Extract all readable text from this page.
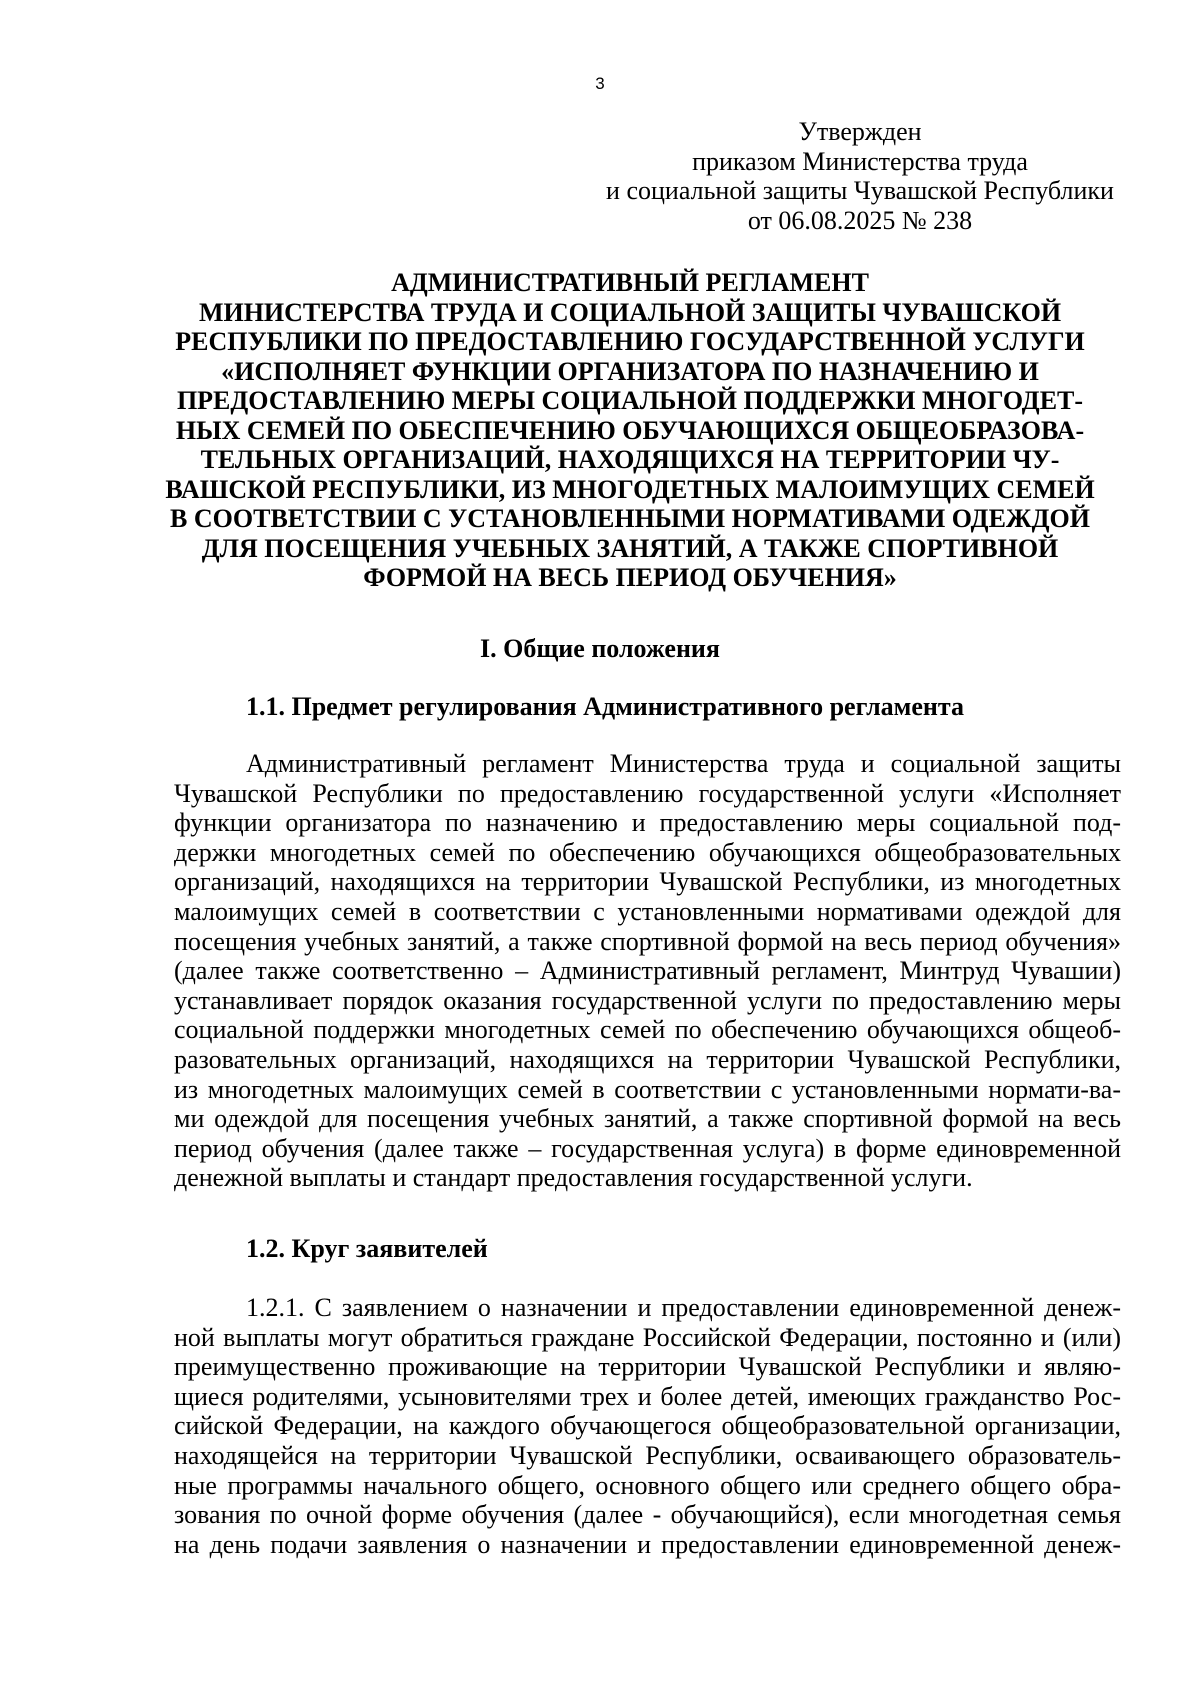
3
Утвержден
приказом Министерства труда
и социальной защиты Чувашской Республики
от 06.08.2025 № 238
АДМИНИСТРАТИВНЫЙ РЕГЛАМЕНТ
МИНИСТЕРСТВА ТРУДА И СОЦИАЛЬНОЙ ЗАЩИТЫ ЧУВАШСКОЙ
РЕСПУБЛИКИ ПО ПРЕДОСТАВЛЕНИЮ ГОСУДАРСТВЕННОЙ УСЛУГИ
«ИСПОЛНЯЕТ ФУНКЦИИ ОРГАНИЗАТОРА ПО НАЗНАЧЕНИЮ И
ПРЕДОСТАВЛЕНИЮ МЕРЫ СОЦИАЛЬНОЙ ПОДДЕРЖКИ МНОГОДЕТ-
НЫХ СЕМЕЙ ПО ОБЕСПЕЧЕНИЮ ОБУЧАЮЩИХСЯ ОБЩЕОБРАЗОВА-
ТЕЛЬНЫХ ОРГАНИЗАЦИЙ, НАХОДЯЩИХСЯ НА ТЕРРИТОРИИ ЧУ-
ВАШСКОЙ РЕСПУБЛИКИ, ИЗ МНОГОДЕТНЫХ МАЛОИМУЩИХ СЕМЕЙ
В СООТВЕТСТВИИ С УСТАНОВЛЕННЫМИ НОРМАТИВАМИ ОДЕЖДОЙ
ДЛЯ ПОСЕЩЕНИЯ УЧЕБНЫХ ЗАНЯТИЙ, А ТАКЖЕ СПОРТИВНОЙ
ФОРМОЙ НА ВЕСЬ ПЕРИОД ОБУЧЕНИЯ»
I. Общие положения
1.1. Предмет регулирования Административного регламента
Административный регламент Министерства труда и социальной защиты
Чувашской Республики по предоставлению государственной услуги «Исполняет
функции организатора по назначению и предоставлению меры социальной под-
держки многодетных семей по обеспечению обучающихся общеобразовательных
организаций, находящихся на территории Чувашской Республики, из многодетных
малоимущих семей в соответствии с установленными нормативами одеждой для
посещения учебных занятий, а также спортивной формой на весь период обучения»
(далее также соответственно – Административный регламент, Минтруд Чувашии)
устанавливает порядок оказания государственной услуги по предоставлению меры
социальной поддержки многодетных семей по обеспечению обучающихся общеоб-
разовательных организаций, находящихся на территории Чувашской Республики,
из многодетных малоимущих семей в соответствии с установленными нормати-ва-
ми одеждой для посещения учебных занятий, а также спортивной формой на весь
период обучения (далее также – государственная услуга) в форме единовременной
денежной выплаты и стандарт предоставления государственной услуги.
1.2. Круг заявителей
1.2.1. С заявлением о назначении и предоставлении единовременной денеж-
ной выплаты могут обратиться граждане Российской Федерации, постоянно и (или)
преимущественно проживающие на территории Чувашской Республики и являю-
щиеся родителями, усыновителями трех и более детей, имеющих гражданство Рос-
сийской Федерации, на каждого обучающегося общеобразовательной организации,
находящейся на территории Чувашской Республики, осваивающего образователь-
ные программы начального общего, основного общего или среднего общего обра-
зования по очной форме обучения (далее - обучающийся), если многодетная семья
на день подачи заявления о назначении и предоставлении единовременной денеж-
